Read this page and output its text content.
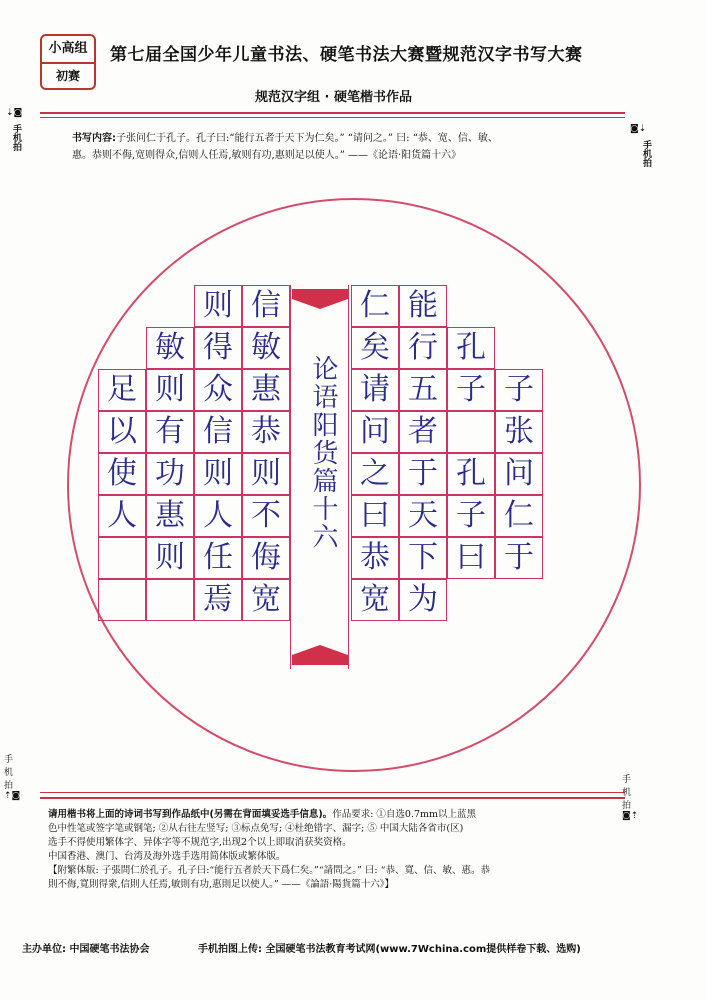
小高组
初赛
第七届全国少年儿童书法、硬笔书法大赛暨规范汉字书写大赛
规范汉字组 · 硬笔楷书作品
⇣◙
手机拍	◙⇣
手机拍
书写内容:子张问仁于孔子。孔子曰:“能行五者于天下为仁矣。” “请问之。” 曰: “恭、宽、信、敏、
惠。恭则不侮,宽则得众,信则人任焉,敏则有功,惠则足以使人。” ——《论语·阳货篇十六》
子
张
问
仁
于
孔
子
孔
子
曰
能
行
五
者
于
天
下
为
仁
矣
请
问
之
曰
恭
宽
信
敏
惠
恭
则
不
侮
宽
则
得
众
信
则
人
任
焉
敏
则
有
功
惠
则
足
以
使
人	论语阳货篇十六
手
机
拍
⇡◙
手
机
拍
◙⇡
请用楷书将上面的诗词书写到作品纸中(另需在背面填妥选手信息)。作品要求: ①自选0.7mm以上蓝黑
色中性笔或签字笔或钢笔; ②从右往左竖写; ③标点免写; ④杜绝错字、漏字; ⑤ 中国大陆各省市(区)
选手不得使用繁体字、异体字等不规范字,出现2个以上即取消获奖资格。
中国香港、澳门、台湾及海外选手选用简体版或繁体版。
【附繁体版: 子張問仁於孔子。孔子曰:“能行五者於天下爲仁矣。”“請問之。” 曰: “恭、寬、信、敏、惠。恭
則不侮,寬則得衆,信則人任焉,敏則有功,惠則足以使人。” ——《論語·陽貨篇十六》】
主办单位: 中国硬笔书法协会	手机拍图上传: 全国硬笔书法教育考试网(www.7Wchina.com提供样卷下载、选购)
